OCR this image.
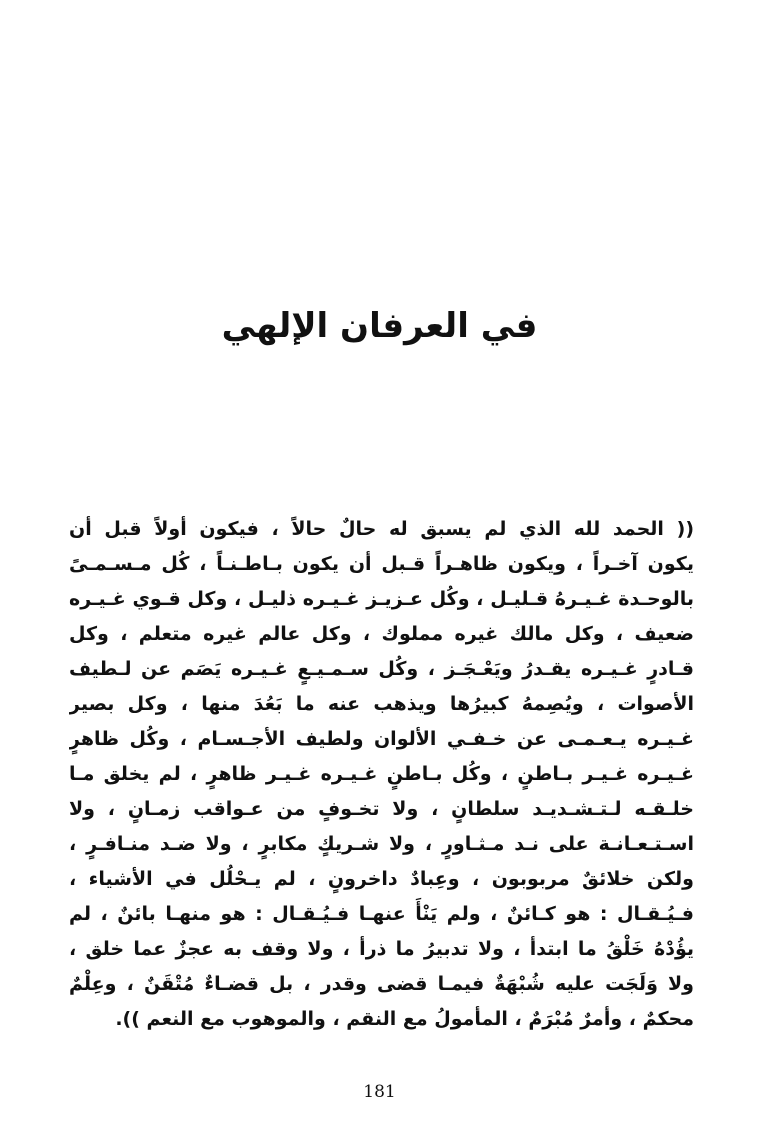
في العرفان الإلهي
(( الحمد لله الذي لم يسبق له حالٌ حالاً ، فيكون أولاً قبل أن
يكون آخـراً ، ويكون ظاهـراً قـبل أن يكون بـاطـنـاً ، كُل مـسـمـىً
بالوحـدة غـيـرهُ قـليـل ، وكُل عـزيـز غـيـره ذليـل ، وكل قـوي غـيـره
ضعيف ، وكل مالك غيره مملوك ، وكل عالم غيره متعلم ، وكل
قـادرٍ غـيـره يقـدرُ ويَعْـجَـز ، وكُل سـمـيـعٍ غـيـره يَصَم عن لـطيف
الأصوات ، ويُصِمهُ كبيرُها ويذهب عنه ما بَعُدَ منها ، وكل بصير
غـيـره يـعـمـى عن خـفـي الألوان ولطيف الأجـسـام ، وكُل ظاهرٍ
غـيـره غـيـر بـاطنٍ ، وكُل بـاطنٍ غـيـره غـيـر ظاهرٍ ، لم يخلق مـا
خلـقـه لـتـشـديـد سلطانٍ ، ولا تخـوفٍ من عـواقب زمـانٍ ، ولا
اسـتـعـانـة على نـد مـثـاورٍ ، ولا شـريكٍ مكابرٍ ، ولا ضـد منـافـرٍ ،
ولكن خلائقٌ مربوبون ، وعِبادٌ داخرونٍ ، لم يـحْلُل في الأشياء ،
فـيُـقـال : هو كـائنٌ ، ولم يَنْأَ عنهـا فـيُـقـال : هو منهـا بائنٌ ، لم
يؤُدْهُ خَلْقُ ما ابتدأ ، ولا تدبيرُ ما ذرأ ، ولا وقف به عجزٌ عما خلق ،
ولا وَلَجَت عليه شُبْهَةٌ فيمـا قضى وقدر ، بل قضـاءٌ مُتْقَنٌ ، وعِلْمٌ
محكمٌ ، وأمرٌ مُبْرَمٌ ، المأمولُ مع النقم ، والموهوب مع النعم )).
181
